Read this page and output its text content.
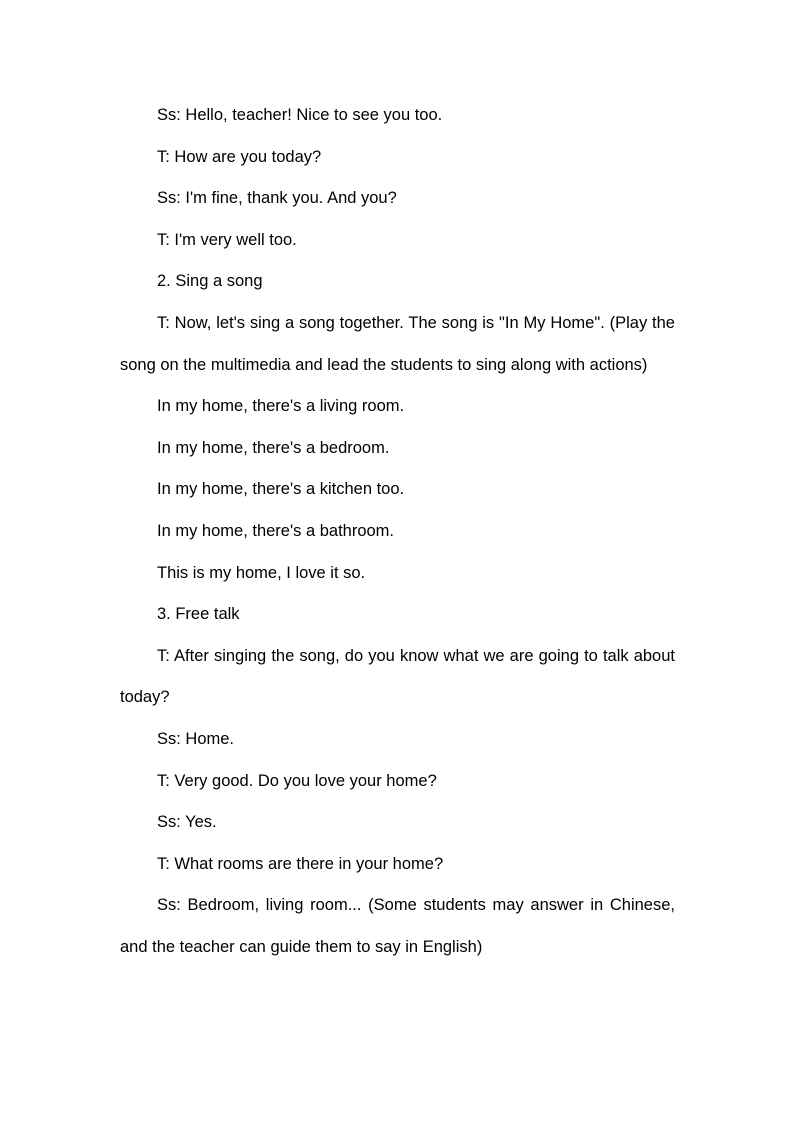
Ss: Hello, teacher! Nice to see you too.

T: How are you today?

Ss: I'm fine, thank you. And you?

T: I'm very well too.

2. Sing a song

T: Now, let's sing a song together. The song is "In My Home". (Play the song on the multimedia and lead the students to sing along with actions)

In my home, there's a living room.

In my home, there's a bedroom.

In my home, there's a kitchen too.

In my home, there's a bathroom.

This is my home, I love it so.

3. Free talk

T: After singing the song, do you know what we are going to talk about today?

Ss: Home.

T: Very good. Do you love your home?

Ss: Yes.

T: What rooms are there in your home?

Ss: Bedroom, living room... (Some students may answer in Chinese, and the teacher can guide them to say in English)
